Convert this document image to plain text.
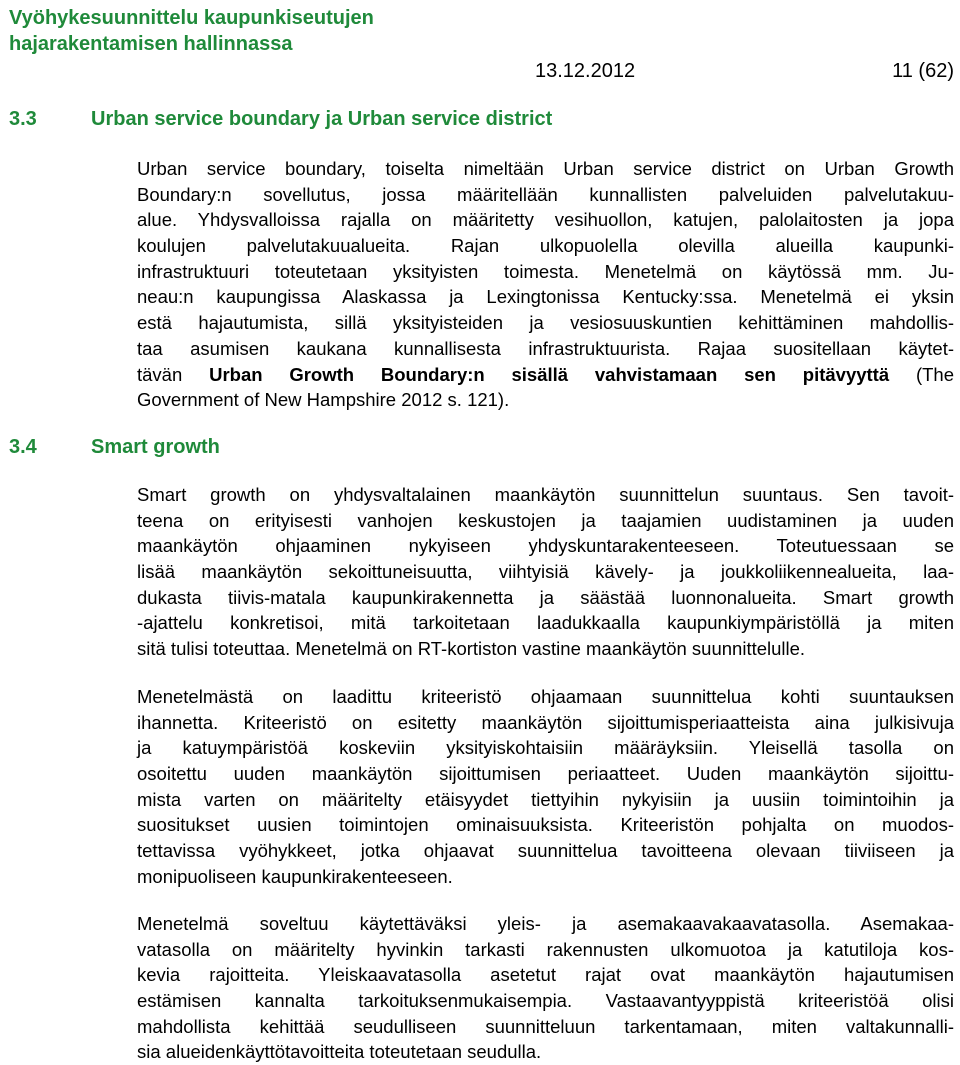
Vyöhykesuunnittelu kaupunkiseutujen
hajarakentamisen hallinnassa
13.12.2012	11 (62)
3.3	Urban service boundary ja Urban service district
Urban service boundary, toiselta nimeltään Urban service district on Urban Growth
Boundary:n sovellutus, jossa määritellään kunnallisten palveluiden palvelutakuu-
alue. Yhdysvalloissa rajalla on määritetty vesihuollon, katujen, palolaitosten ja jopa
koulujen palvelutakuualueita. Rajan ulkopuolella olevilla alueilla kaupunki-
infrastruktuuri toteutetaan yksityisten toimesta. Menetelmä on käytössä mm. Ju-
neau:n kaupungissa Alaskassa ja Lexingtonissa Kentucky:ssa. Menetelmä ei yksin
estä hajautumista, sillä yksityisteiden ja vesiosuuskuntien kehittäminen mahdollis-
taa asumisen kaukana kunnallisesta infrastruktuurista. Rajaa suositellaan käytet-
tävän Urban Growth Boundary:n sisällä vahvistamaan sen pitävyyttä (The
Government of New Hampshire 2012 s. 121).
3.4	Smart growth
Smart growth on yhdysvaltalainen maankäytön suunnittelun suuntaus. Sen tavoit-
teena on erityisesti vanhojen keskustojen ja taajamien uudistaminen ja uuden
maankäytön ohjaaminen nykyiseen yhdyskuntarakenteeseen. Toteutuessaan se
lisää maankäytön sekoittuneisuutta, viihtyisiä kävely- ja joukkoliikennealueita, laa-
dukasta tiivis-matala kaupunkirakennetta ja säästää luonnonalueita. Smart growth
-ajattelu konkretisoi, mitä tarkoitetaan laadukkaalla kaupunkiympäristöllä ja miten
sitä tulisi toteuttaa. Menetelmä on RT-kortiston vastine maankäytön suunnittelulle.
Menetelmästä on laadittu kriteeristö ohjaamaan suunnittelua kohti suuntauksen
ihannetta. Kriteeristö on esitetty maankäytön sijoittumisperiaatteista aina julkisivuja
ja katuympäristöä koskeviin yksityiskohtaisiin määräyksiin. Yleisellä tasolla on
osoitettu uuden maankäytön sijoittumisen periaatteet. Uuden maankäytön sijoittu-
mista varten on määritelty etäisyydet tiettyihin nykyisiin ja uusiin toimintoihin ja
suositukset uusien toimintojen ominaisuuksista. Kriteeristön pohjalta on muodos-
tettavissa vyöhykkeet, jotka ohjaavat suunnittelua tavoitteena olevaan tiiviiseen ja
monipuoliseen kaupunkirakenteeseen.
Menetelmä soveltuu käytettäväksi yleis- ja asemakaavakaavatasolla. Asemakaa-
vatasolla on määritelty hyvinkin tarkasti rakennusten ulkomuotoa ja katutiloja kos-
kevia rajoitteita. Yleiskaavatasolla asetetut rajat ovat maankäytön hajautumisen
estämisen kannalta tarkoituksenmukaisempia. Vastaavantyyppistä kriteeristöä olisi
mahdollista kehittää seudulliseen suunnitteluun tarkentamaan, miten valtakunnalli-
sia alueidenkäyttötavoitteita toteutetaan seudulla.
